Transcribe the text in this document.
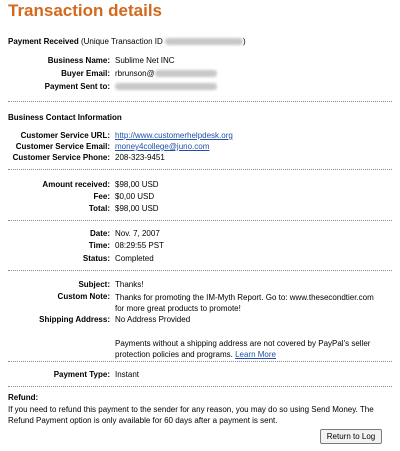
Transaction details
Payment Received (Unique Transaction ID	)
Business Name: Sublime Net INC
Buyer Email: rbrunson@
Payment Sent to:
Business Contact Information
Customer Service URL: http://www.customerhelpdesk.org
Customer Service Email: money4college@juno.com
Customer Service Phone: 208-323-9451
Amount received: $98,00 USD
Fee: $0,00 USD
Total: $98,00 USD
Date: Nov. 7, 2007
Time: 08:29:55 PST
Status: Completed
Subject: Thanks!
Custom Note: Thanks for promoting the IM-Myth Report. Go to: www.thesecondtier.com for more great products to promote!
Shipping Address: No Address Provided
Payments without a shipping address are not covered by PayPal's seller protection policies and programs. Learn More
Payment Type: Instant
Refund:
If you need to refund this payment to the sender for any reason, you may do so using Send Money. The Refund Payment option is only available for 60 days after a payment is sent.
Return to Log
